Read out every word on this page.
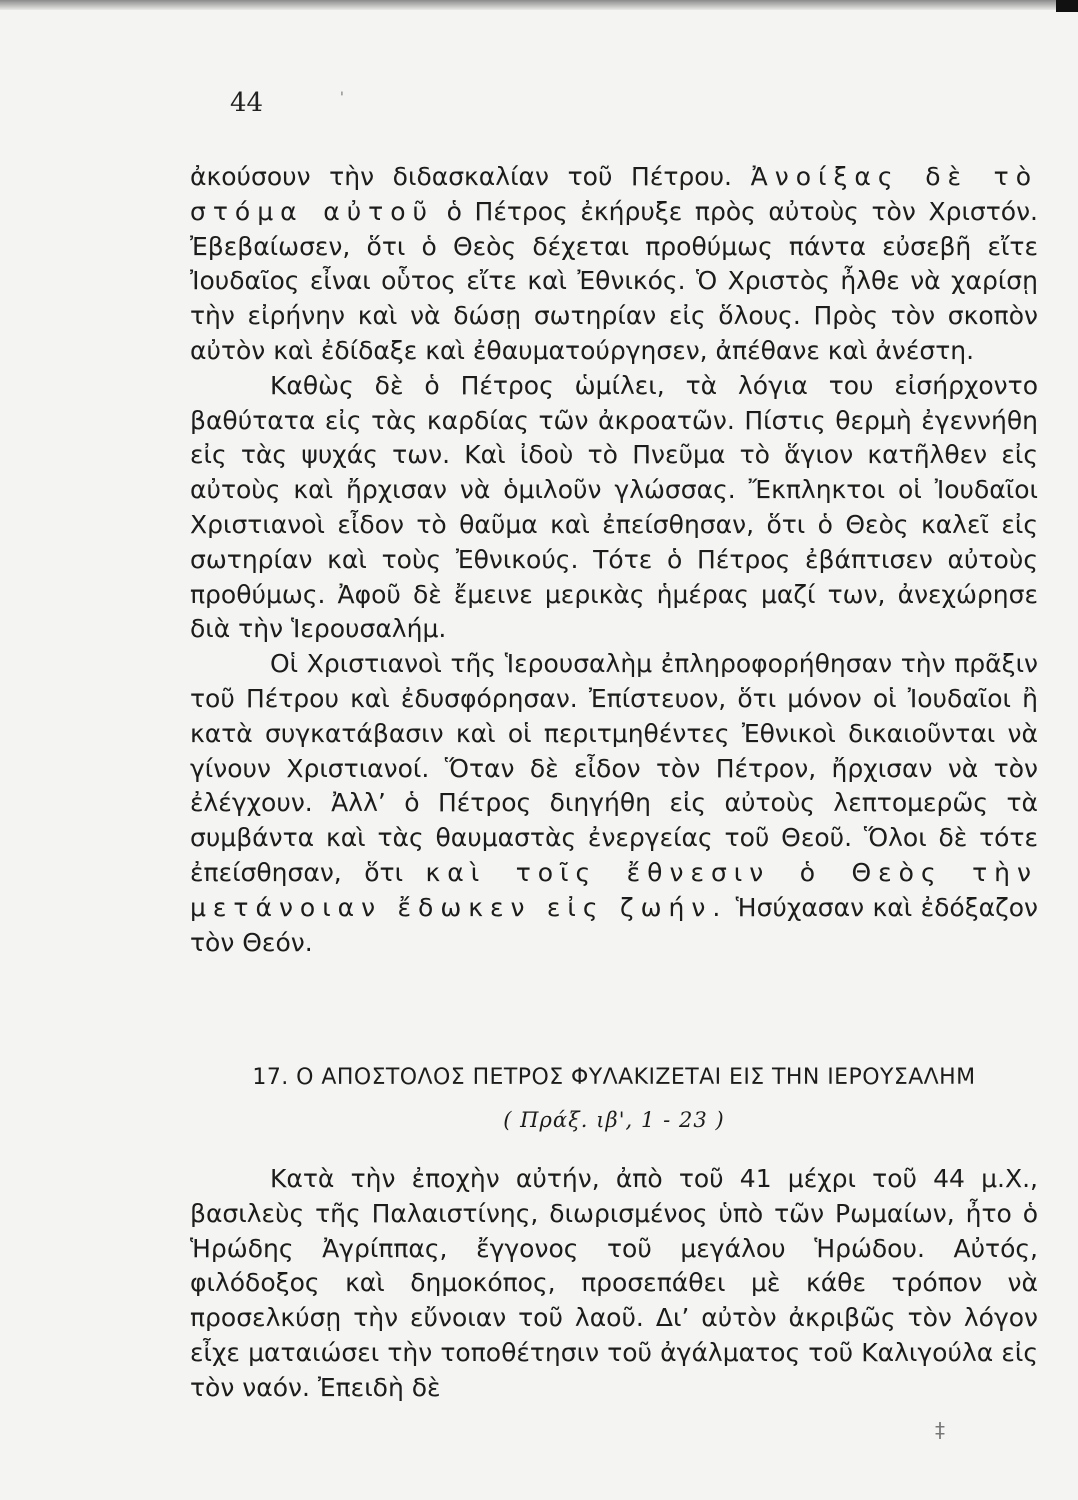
44

ἀκούσουν τὴν διδασκαλίαν τοῦ Πέτρου. Ἀνοίξας δὲ τὸ στόμα αὐτοῦ ὁ Πέτρος ἐκήρυξε πρὸς αὐτοὺς τὸν Χριστόν. Ἐβεβαίωσεν, ὅτι ὁ Θεὸς δέχεται προθύμως πάντα εὐσεβῆ εἴτε Ἰουδαῖος εἶναι οὗτος εἴτε καὶ Ἐθνικός. Ὁ Χριστὸς ἦλθε νὰ χαρίσῃ τὴν εἰρήνην καὶ νὰ δώσῃ σωτηρίαν εἰς ὅλους. Πρὸς τὸν σκοπὸν αὐτὸν καὶ ἐδίδαξε καὶ ἐθαυματούργησεν, ἀπέθανε καὶ ἀνέστη.

Καθὼς δὲ ὁ Πέτρος ὡμίλει, τὰ λόγια του εἰσήρχοντο βαθύτατα εἰς τὰς καρδίας τῶν ἀκροατῶν. Πίστις θερμὴ ἐγεννήθη εἰς τὰς ψυχάς των. Καὶ ἰδοὺ τὸ Πνεῦμα τὸ ἅγιον κατῆλθεν εἰς αὐτοὺς καὶ ἤρχισαν νὰ ὁμιλοῦν γλώσσας. Ἔκπληκτοι οἱ Ἰουδαῖοι Χριστιανοὶ εἶδον τὸ θαῦμα καὶ ἐπείσθησαν, ὅτι ὁ Θεὸς καλεῖ εἰς σωτηρίαν καὶ τοὺς Ἐθνικούς. Τότε ὁ Πέτρος ἐβάπτισεν αὐτοὺς προθύμως. Ἀφοῦ δὲ ἔμεινε μερικὰς ἡμέρας μαζί των, ἀνεχώρησε διὰ τὴν Ἱερουσαλήμ.

Οἱ Χριστιανοὶ τῆς Ἱερουσαλὴμ ἐπληροφορήθησαν τὴν πρᾶξιν τοῦ Πέτρου καὶ ἐδυσφόρησαν. Ἐπίστευον, ὅτι μόνον οἱ Ἰουδαῖοι ἢ κατὰ συγκατάβασιν καὶ οἱ περιτμηθέντες Ἐθνικοὶ δικαιοῦνται νὰ γίνουν Χριστιανοί. Ὅταν δὲ εἶδον τὸν Πέτρον, ἤρχισαν νὰ τὸν ἐλέγχουν. Ἀλλ’ ὁ Πέτρος διηγήθη εἰς αὐτοὺς λεπτομερῶς τὰ συμβάντα καὶ τὰς θαυμαστὰς ἐνεργείας τοῦ Θεοῦ. Ὅλοι δὲ τότε ἐπείσθησαν, ὅτι καὶ τοῖς ἔθνεσιν ὁ Θεὸς τὴν μετάνοιαν ἔδωκεν εἰς ζωήν. Ἡσύχασαν καὶ ἐδόξαζον τὸν Θεόν.

17. Ο ΑΠΟΣΤΟΛΟΣ ΠΕΤΡΟΣ ΦΥΛΑΚΙΖΕΤΑΙ ΕΙΣ ΤΗΝ ΙΕΡΟΥΣΑΛΗΜ
( Πράξ. ιβ', 1 - 23 )

Κατὰ τὴν ἐποχὴν αὐτήν, ἀπὸ τοῦ 41 μέχρι τοῦ 44 μ.Χ., βασιλεὺς τῆς Παλαιστίνης, διωρισμένος ὑπὸ τῶν Ρωμαίων, ἦτο ὁ Ἡρώδης Ἀγρίππας, ἔγγονος τοῦ μεγάλου Ἡρώδου. Αὐτός, φιλόδοξος καὶ δημοκόπος, προσεπάθει μὲ κάθε τρόπον νὰ προσελκύσῃ τὴν εὔνοιαν τοῦ λαοῦ. Δι’ αὐτὸν ἀκριβῶς τὸν λόγον εἶχε ματαιώσει τὴν τοποθέτησιν τοῦ ἀγάλματος τοῦ Καλιγούλα εἰς τὸν ναόν. Ἐπειδὴ δὲ

'
‡
